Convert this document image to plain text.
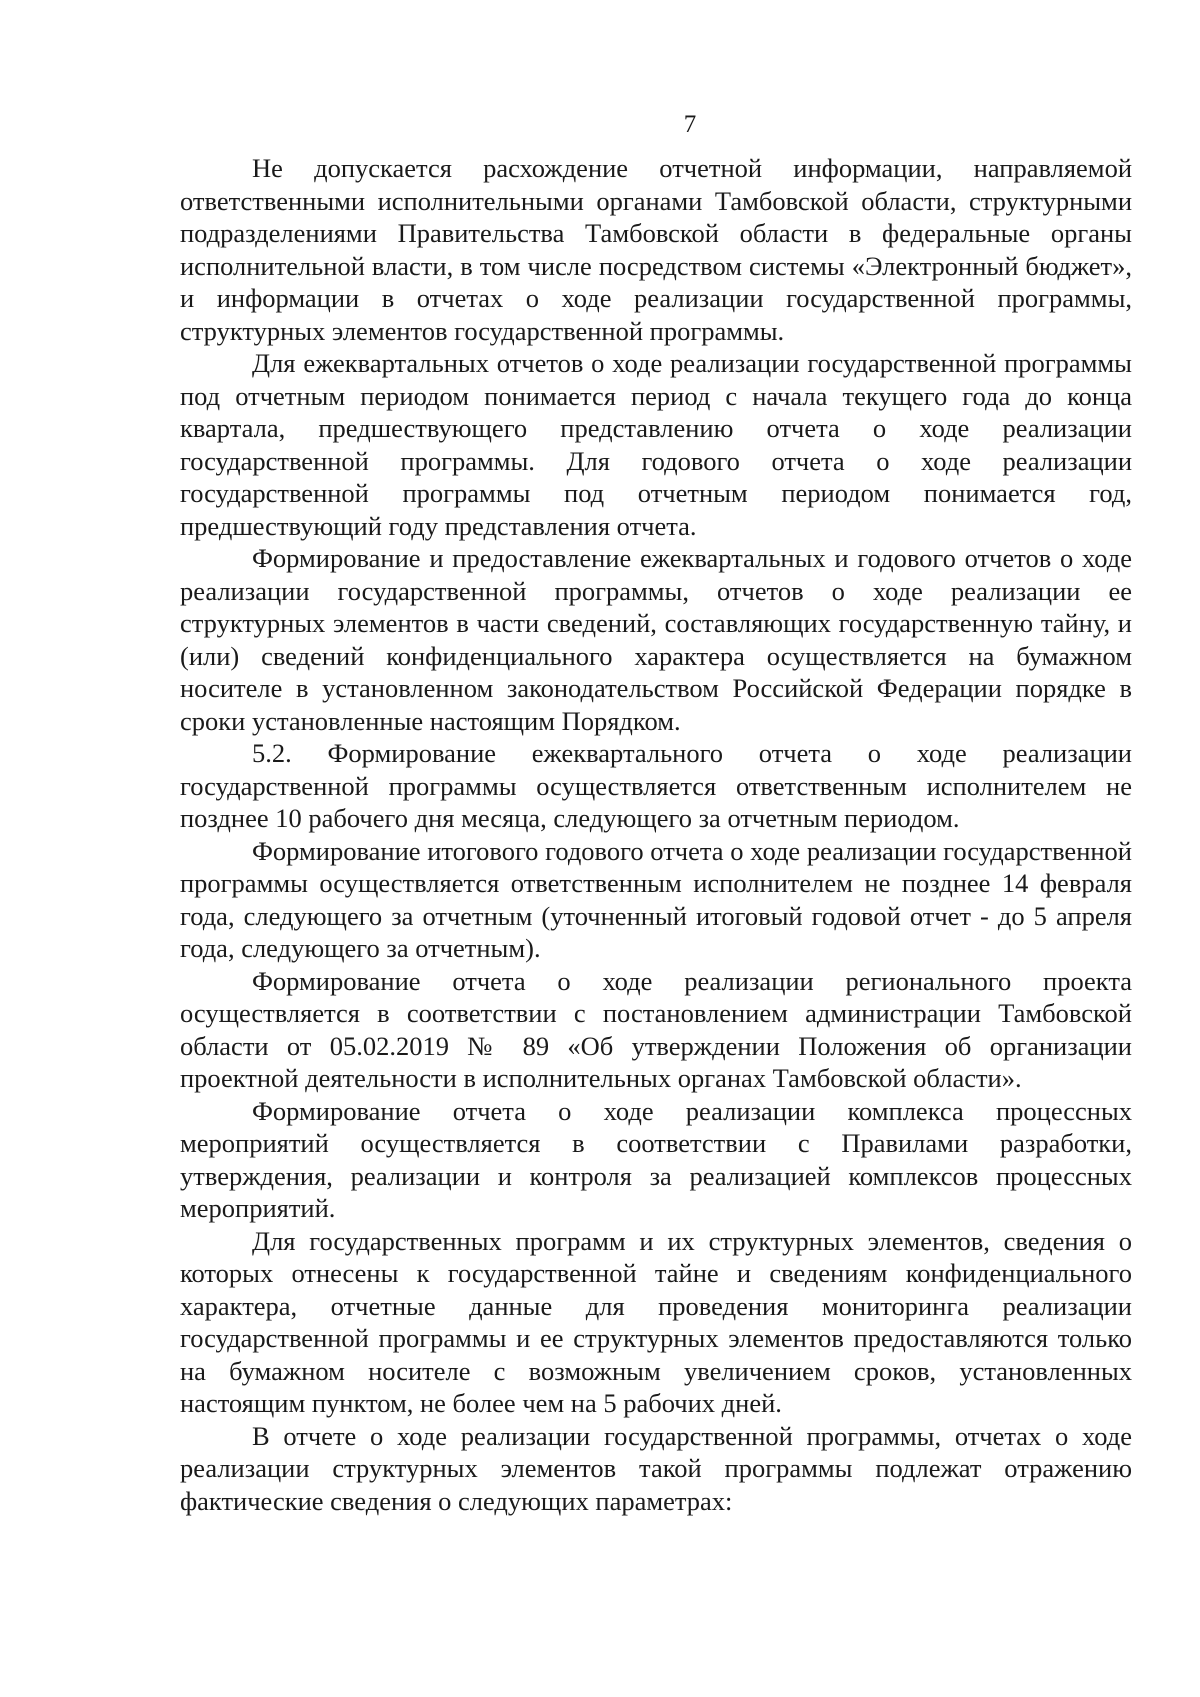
7

Не допускается расхождение отчетной информации, направляемой ответственными исполнительными органами Тамбовской области, структурными подразделениями Правительства Тамбовской области в федеральные органы исполнительной власти, в том числе посредством системы «Электронный бюджет», и информации в отчетах о ходе реализации государственной программы, структурных элементов государственной программы.

Для ежеквартальных отчетов о ходе реализации государственной программы под отчетным периодом понимается период с начала текущего года до конца квартала, предшествующего представлению отчета о ходе реализации государственной программы. Для годового отчета о ходе реализации государственной программы под отчетным периодом понимается год, предшествующий году представления отчета.

Формирование и предоставление ежеквартальных и годового отчетов о ходе реализации государственной программы, отчетов о ходе реализации ее структурных элементов в части сведений, составляющих государственную тайну, и (или) сведений конфиденциального характера осуществляется на бумажном носителе в установленном законодательством Российской Федерации порядке в сроки установленные настоящим Порядком.

5.2. Формирование ежеквартального отчета о ходе реализации государственной программы осуществляется ответственным исполнителем не позднее 10 рабочего дня месяца, следующего за отчетным периодом.

Формирование итогового годового отчета о ходе реализации государственной программы осуществляется ответственным исполнителем не позднее 14 февраля года, следующего за отчетным (уточненный итоговый годовой отчет - до 5 апреля года, следующего за отчетным).

Формирование отчета о ходе реализации регионального проекта осуществляется в соответствии с постановлением администрации Тамбовской области от 05.02.2019 № 89 «Об утверждении Положения об организации проектной деятельности в исполнительных органах Тамбовской области».

Формирование отчета о ходе реализации комплекса процессных мероприятий осуществляется в соответствии с Правилами разработки, утверждения, реализации и контроля за реализацией комплексов процессных мероприятий.

Для государственных программ и их структурных элементов, сведения о которых отнесены к государственной тайне и сведениям конфиденциального характера, отчетные данные для проведения мониторинга реализации государственной программы и ее структурных элементов предоставляются только на бумажном носителе с возможным увеличением сроков, установленных настоящим пунктом, не более чем на 5 рабочих дней.

В отчете о ходе реализации государственной программы, отчетах о ходе реализации структурных элементов такой программы подлежат отражению фактические сведения о следующих параметрах:
